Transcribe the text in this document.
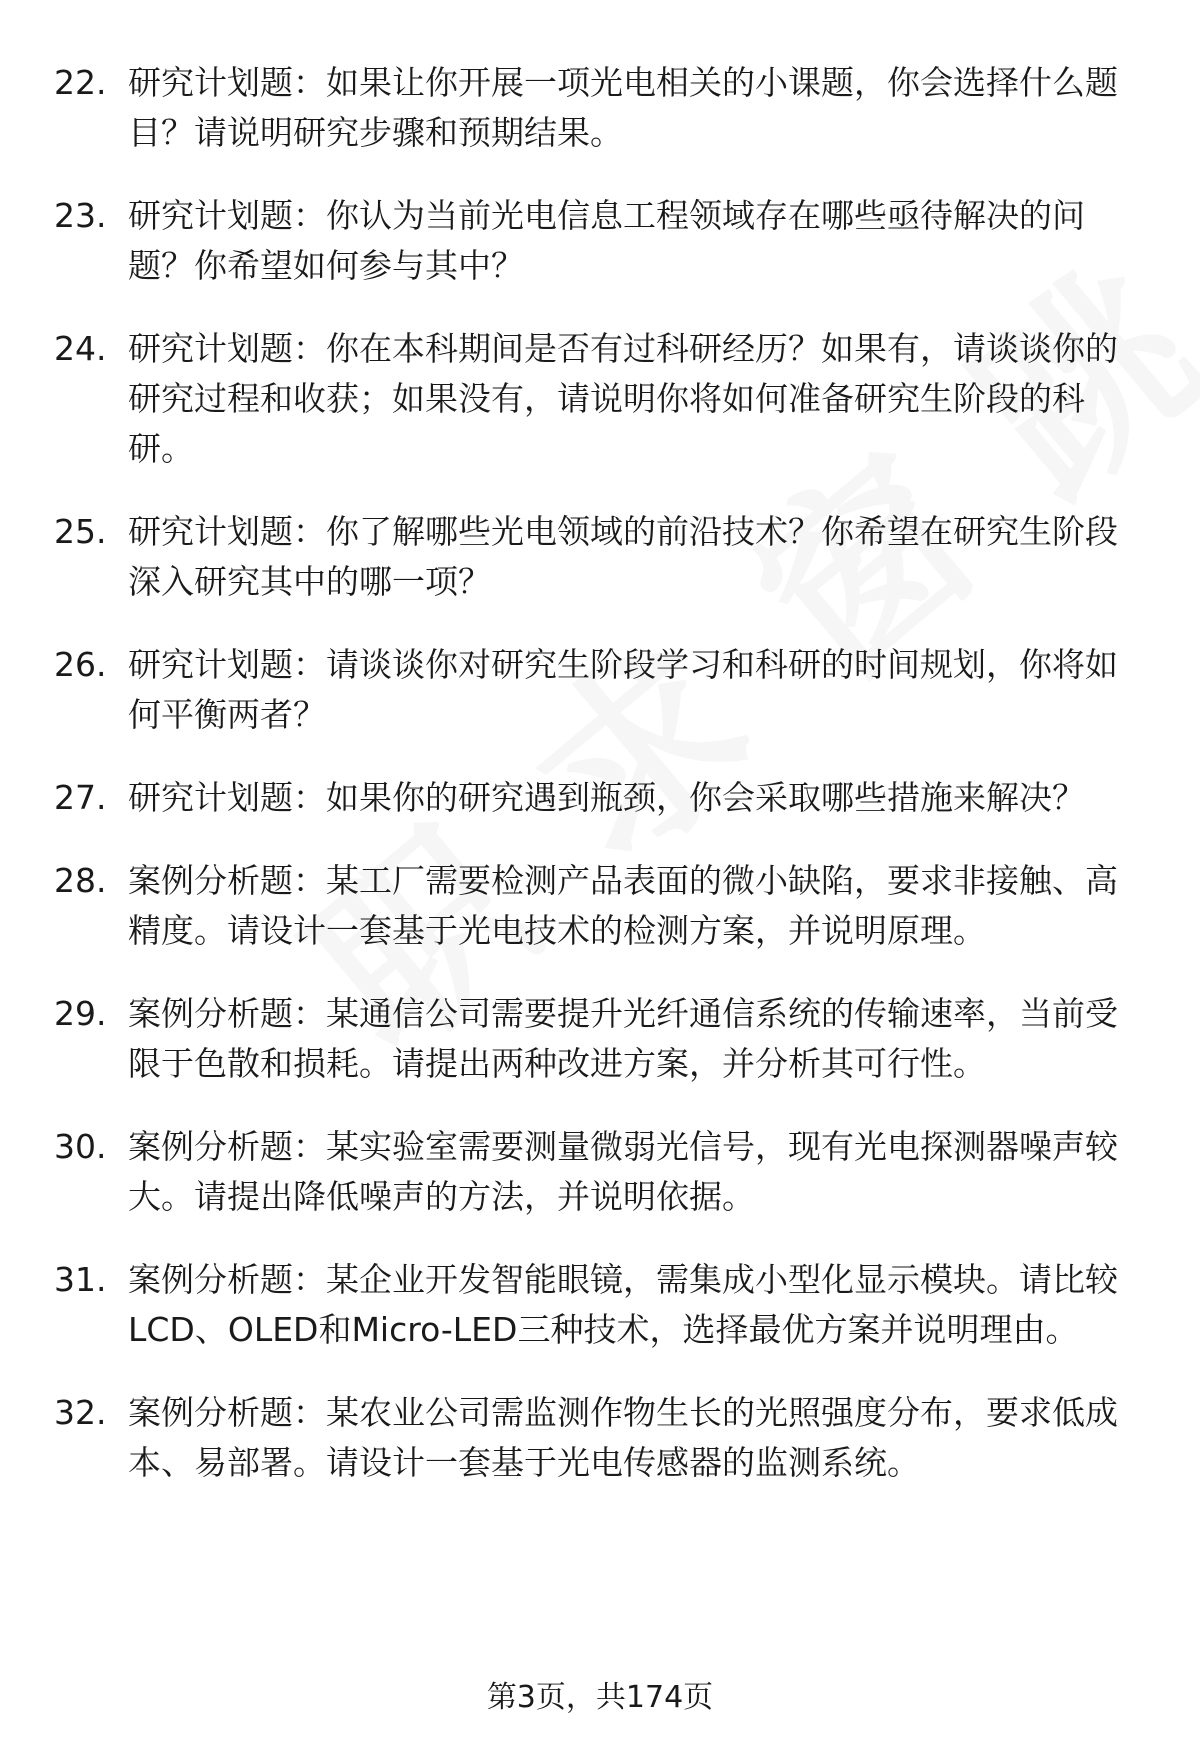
22. 研究计划题：如果让你开展一项光电相关的小课题，你会选择什么题目？请说明研究步骤和预期结果。
23. 研究计划题：你认为当前光电信息工程领域存在哪些亟待解决的问题？你希望如何参与其中？
24. 研究计划题：你在本科期间是否有过科研经历？如果有，请谈谈你的研究过程和收获；如果没有，请说明你将如何准备研究生阶段的科研。
25. 研究计划题：你了解哪些光电领域的前沿技术？你希望在研究生阶段深入研究其中的哪一项？
26. 研究计划题：请谈谈你对研究生阶段学习和科研的时间规划，你将如何平衡两者？
27. 研究计划题：如果你的研究遇到瓶颈，你会采取哪些措施来解决？
28. 案例分析题：某工厂需要检测产品表面的微小缺陷，要求非接触、高精度。请设计一套基于光电技术的检测方案，并说明原理。
29. 案例分析题：某通信公司需要提升光纤通信系统的传输速率，当前受限于色散和损耗。请提出两种改进方案，并分析其可行性。
30. 案例分析题：某实验室需要测量微弱光信号，现有光电探测器噪声较大。请提出降低噪声的方法，并说明依据。
31. 案例分析题：某企业开发智能眼镜，需集成小型化显示模块。请比较LCD、OLED和Micro-LED三种技术，选择最优方案并说明理由。
32. 案例分析题：某农业公司需监测作物生长的光照强度分布，要求低成本、易部署。请设计一套基于光电传感器的监测系统。
第3页，共174页
